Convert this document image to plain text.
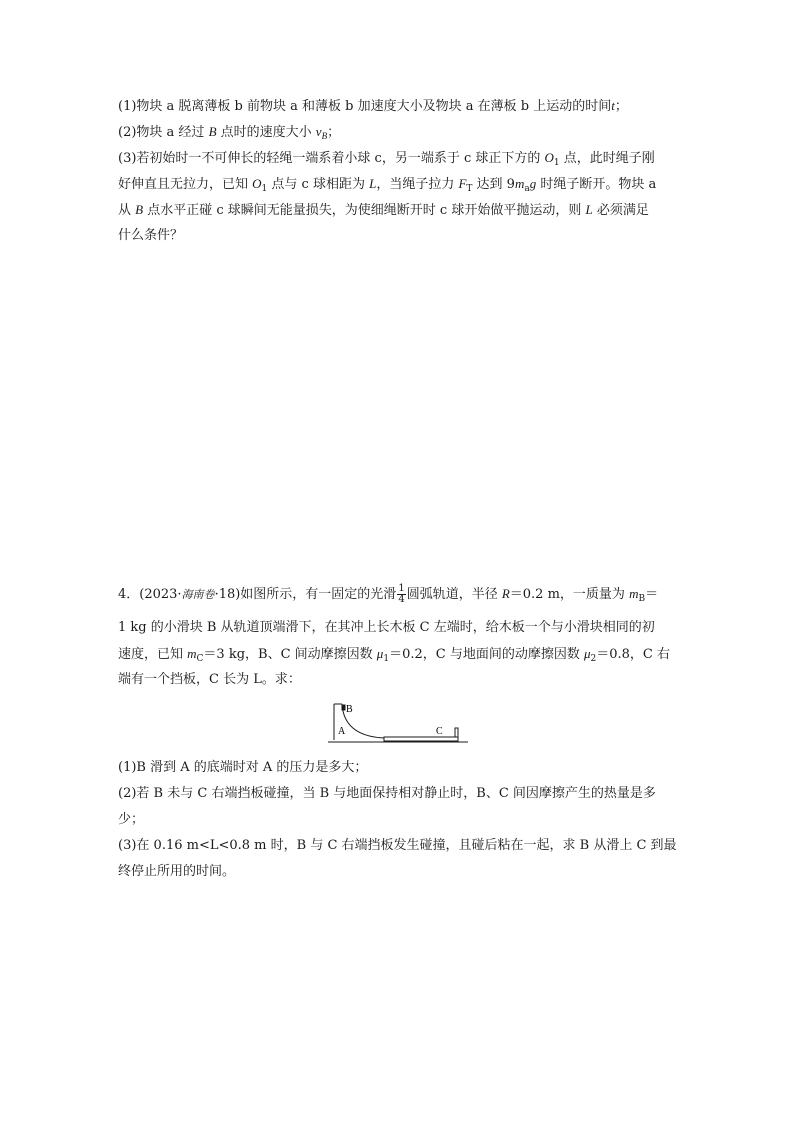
(1)物块 a 脱离薄板 b 前物块 a 和薄板 b 加速度大小及物块 a 在薄板 b 上运动的时间t；
(2)物块 a 经过 B 点时的速度大小 $v_B$；
(3)若初始时一不可伸长的轻绳一端系着小球 c，另一端系于 c 球正下方的 $O_1$ 点，此时绳子刚
好伸直且无拉力，已知 $O_1$ 点与 c 球相距为 L，当绳子拉力 $F_T$ 达到 $9m_ag$ 时绳子断开。物块 a
从 B 点水平正碰 c 球瞬间无能量损失，为使细绳断开时 c 球开始做平抛运动，则 L 必须满足
什么条件？
4．(2023·海南卷·18)如图所示，有一固定的光滑 $\frac{1}{4}$ 圆弧轨道，半径 R＝0.2 m，一质量为 $m_B=$
1 kg 的小滑块 B 从轨道顶端滑下，在其冲上长木板 C 左端时，给木板一个与小滑块相同的初
速度，已知 $m_C=3$ kg，B、C 间动摩擦因数 $\mu_1=0.2$，C 与地面间的动摩擦因数 $\mu_2=0.8$，C 右
端有一个挡板，C 长为 L。求：
B
A	C
(1)B 滑到 A 的底端时对 A 的压力是多大；
(2)若 B 未与 C 右端挡板碰撞，当 B 与地面保持相对静止时，B、C 间因摩擦产生的热量是多
少；
(3)在 0.16 m<L<0.8 m 时，B 与 C 右端挡板发生碰撞，且碰后粘在一起，求 B 从滑上 C 到最
终停止所用的时间。
